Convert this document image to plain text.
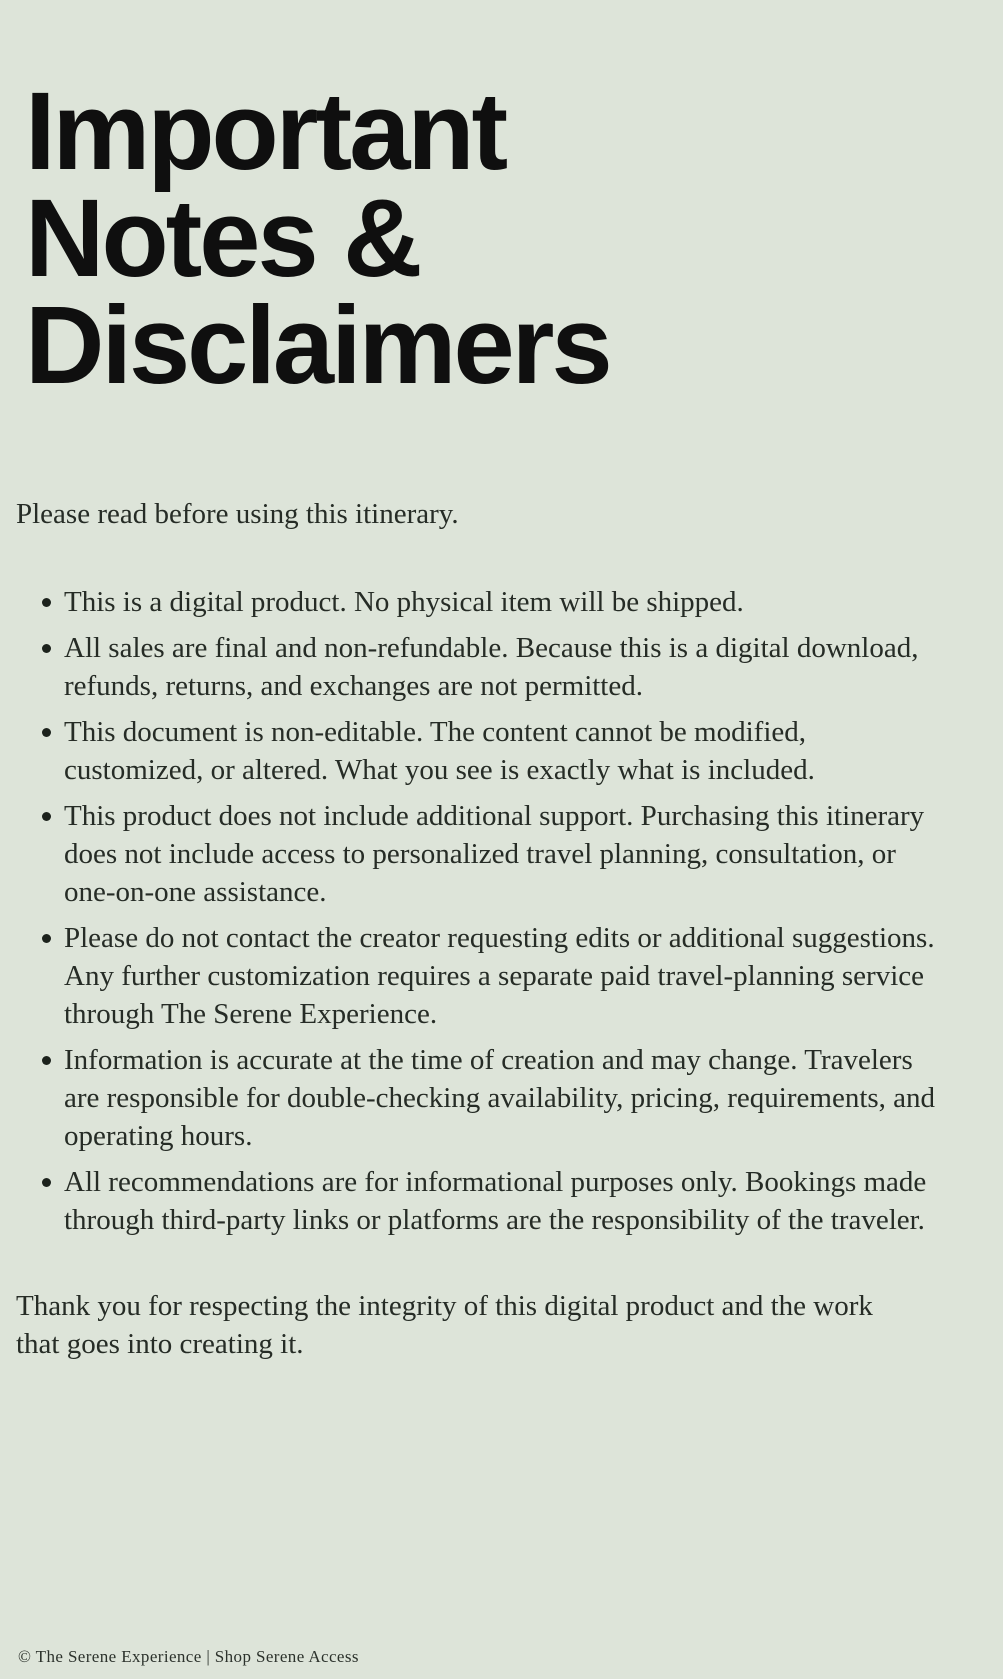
Important
Notes &
Disclaimers

Please read before using this itinerary.

This is a digital product. No physical item will be shipped.
All sales are final and non-refundable. Because this is a digital download, refunds, returns, and exchanges are not permitted.
This document is non-editable. The content cannot be modified, customized, or altered. What you see is exactly what is included.
This product does not include additional support. Purchasing this itinerary does not include access to personalized travel planning, consultation, or one-on-one assistance.
Please do not contact the creator requesting edits or additional suggestions. Any further customization requires a separate paid travel-planning service through The Serene Experience.
Information is accurate at the time of creation and may change. Travelers are responsible for double-checking availability, pricing, requirements, and operating hours.
All recommendations are for informational purposes only. Bookings made through third-party links or platforms are the responsibility of the traveler.

Thank you for respecting the integrity of this digital product and the work that goes into creating it.

© The Serene Experience | Shop Serene Access
